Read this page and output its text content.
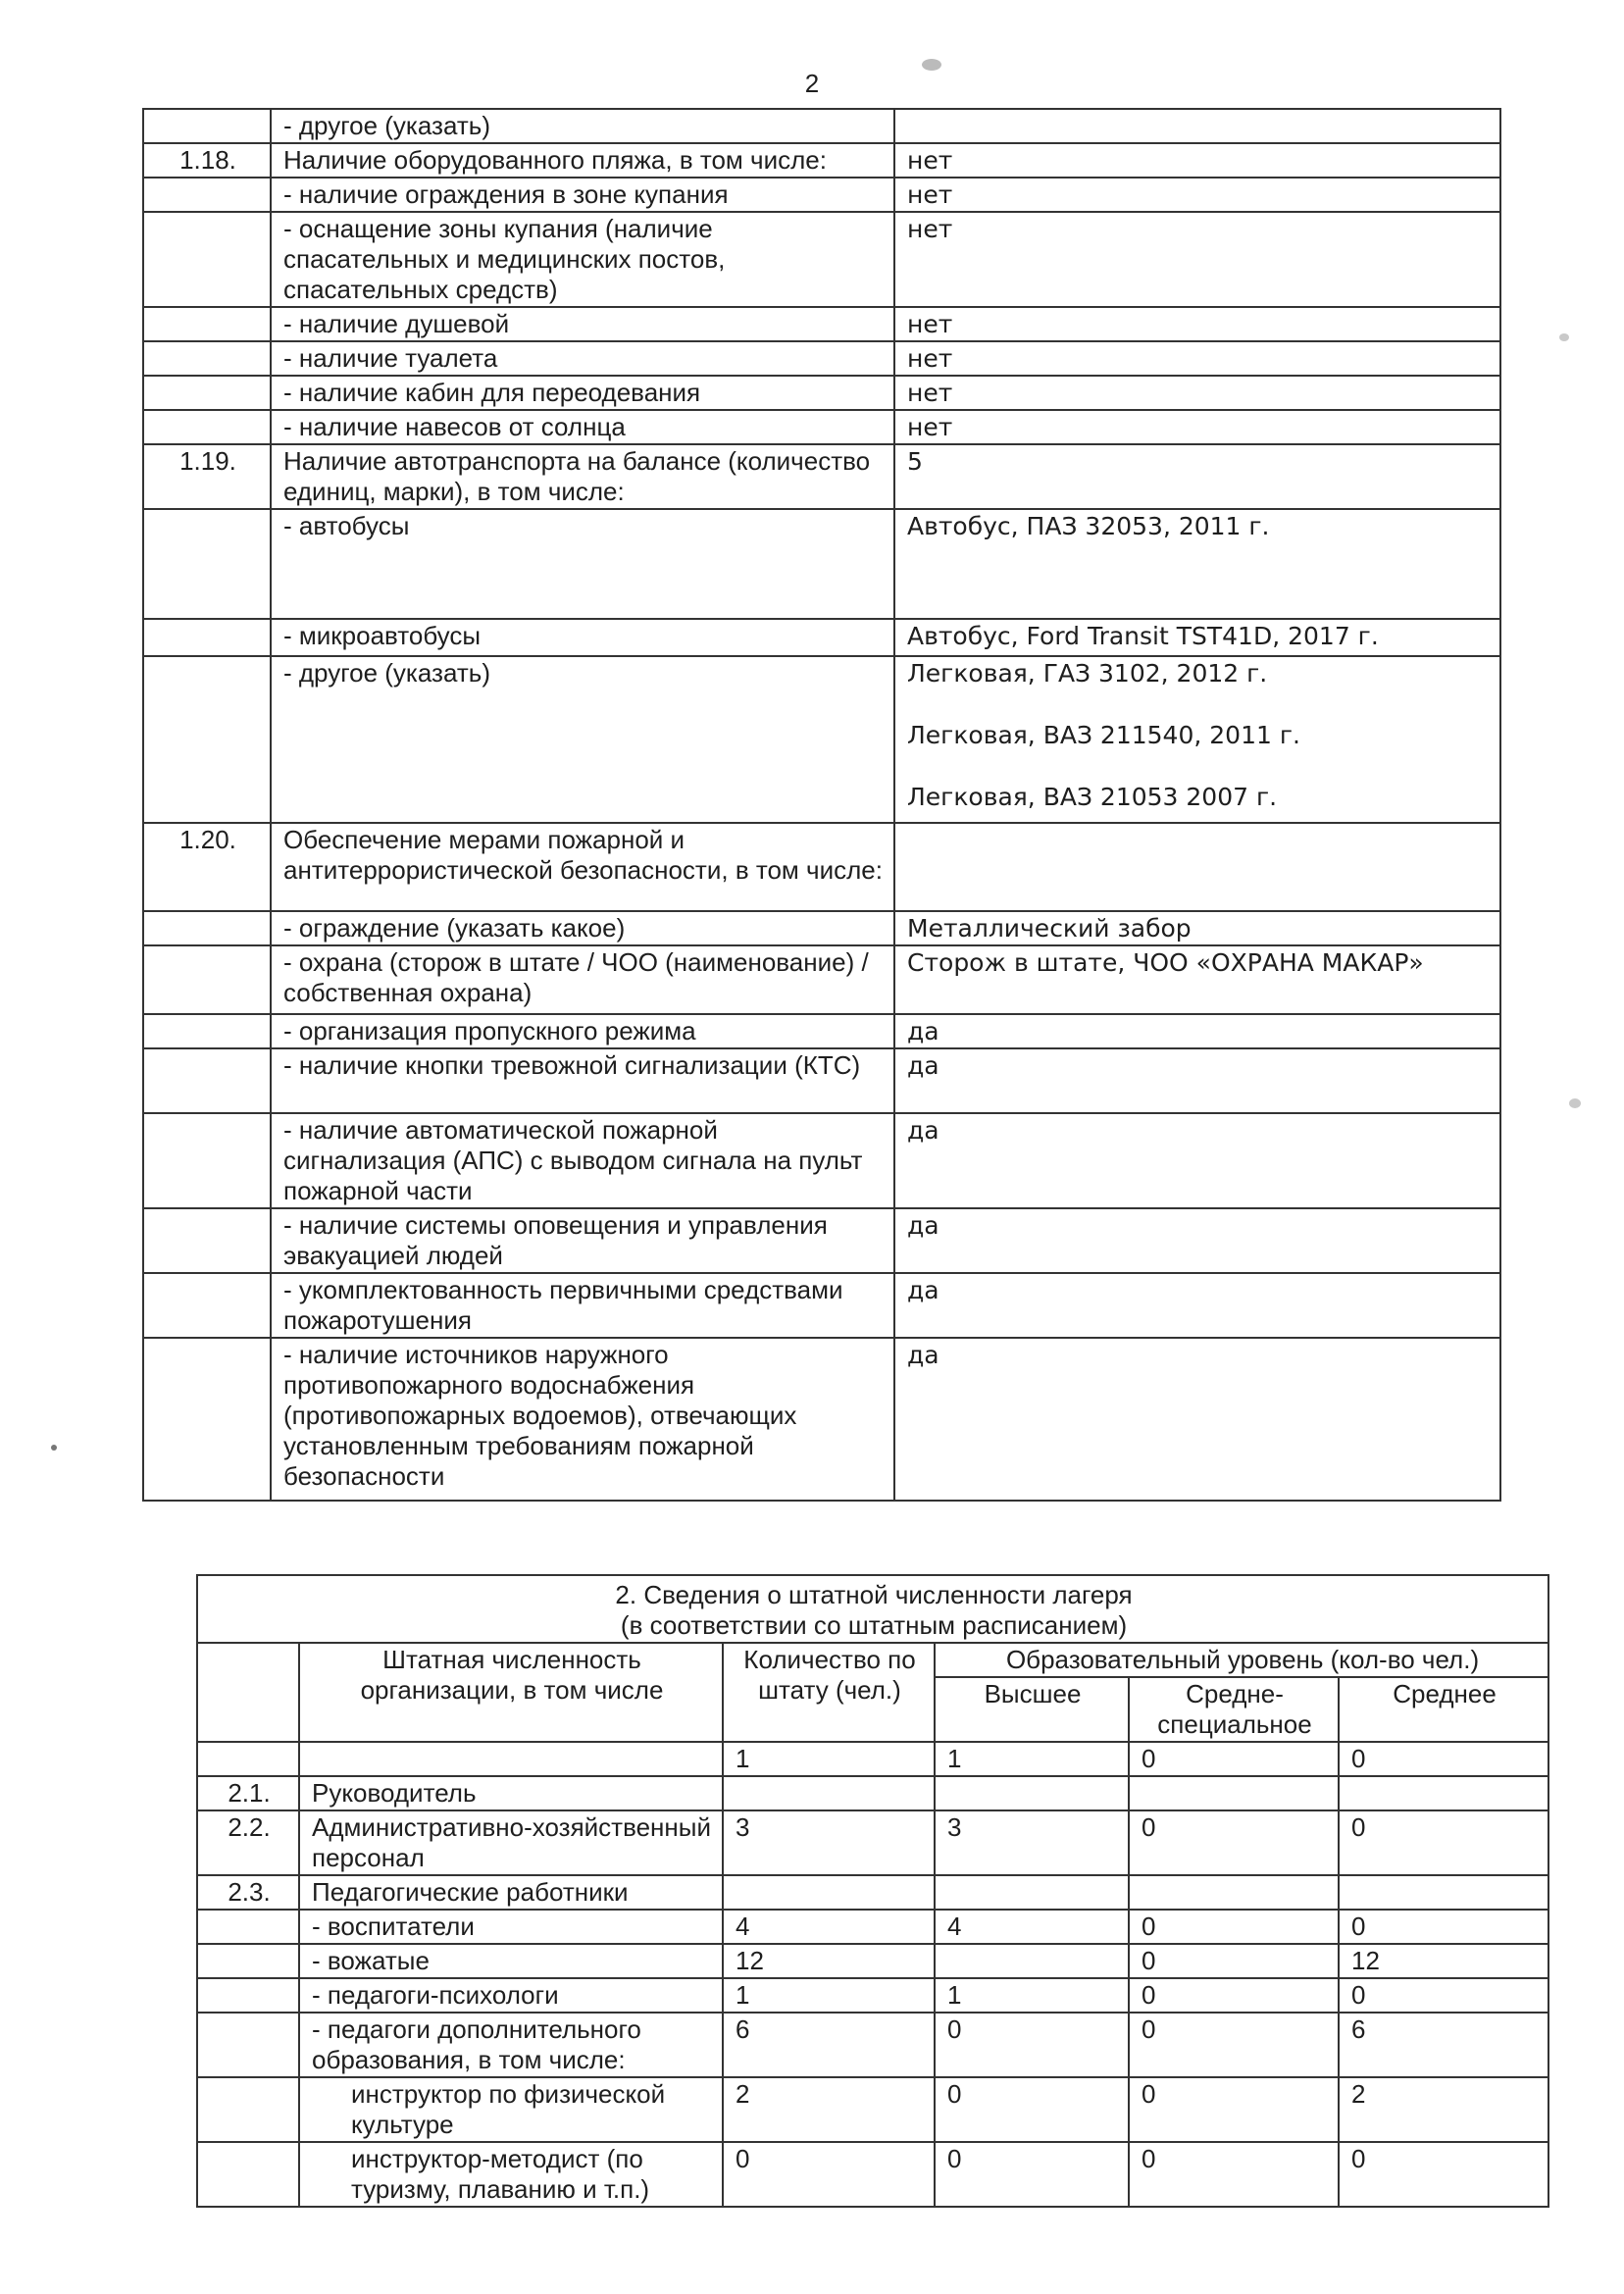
2
	- другое (указать)	

1.18.	Наличие оборудованного пляжа, в том числе:	нет

	- наличие ограждения в зоне купания	нет

	- оснащение зоны купания (наличие спасательных и медицинских постов, спасательных средств)	нет

	- наличие душевой	нет

	- наличие туалета	нет

	- наличие кабин для переодевания	нет

	- наличие навесов от солнца	нет

1.19.	Наличие автотранспорта на балансе (количество единиц, марки), в том числе:	5

	- автобусы	Автобус, ПАЗ 32053, 2011 г.

	- микроавтобусы	Автобус, Ford Transit TST41D, 2017 г.

	- другое (указать)	Легковая, ГАЗ 3102, 2012 г.
Легковая, ВАЗ 211540, 2011 г.
Легковая, ВАЗ 21053 2007 г.

1.20.	Обеспечение мерами пожарной и антитеррористической безопасности, в том числе:	

	- ограждение (указать какое)	Металлический забор

	- охрана (сторож в штате / ЧОО (наименование) / собственная охрана)	Сторож в штате, ЧОО «ОХРАНА МАКАР»

	- организация пропускного режима	да

	- наличие кнопки тревожной сигнализации (КТС)	да

	- наличие автоматической пожарной сигнализация (АПС) с выводом сигнала на пульт пожарной части	да

	- наличие системы оповещения и управления эвакуацией людей	да

	- укомплектованность первичными средствами пожаротушения	да

	- наличие источников наружного противопожарного водоснабжения (противопожарных водоемов), отвечающих установленным требованиям пожарной безопасности	да
2. Сведения о штатной численности лагеря
(в соответствии со штатным расписанием)					

	Штатная численность организации, в том числе	Количество по штату (чел.)	Образовательный уровень (кол-во чел.)		
			Высшее	Средне-специальное	Среднее
		1	1	0	0
2.1.	Руководитель				
2.2.	Административно-хозяйственный персонал	3	3	0	0
2.3.	Педагогические работники				
	- воспитатели	4	4	0	0
	- вожатые	12		0	12
	- педагоги-психологи	1	1	0	0
	- педагоги дополнительного образования, в том числе:	6	0	0	6
	инструктор по физической культуре	2	0	0	2
	инструктор-методист (по туризму, плаванию и т.п.)	0	0	0	0
